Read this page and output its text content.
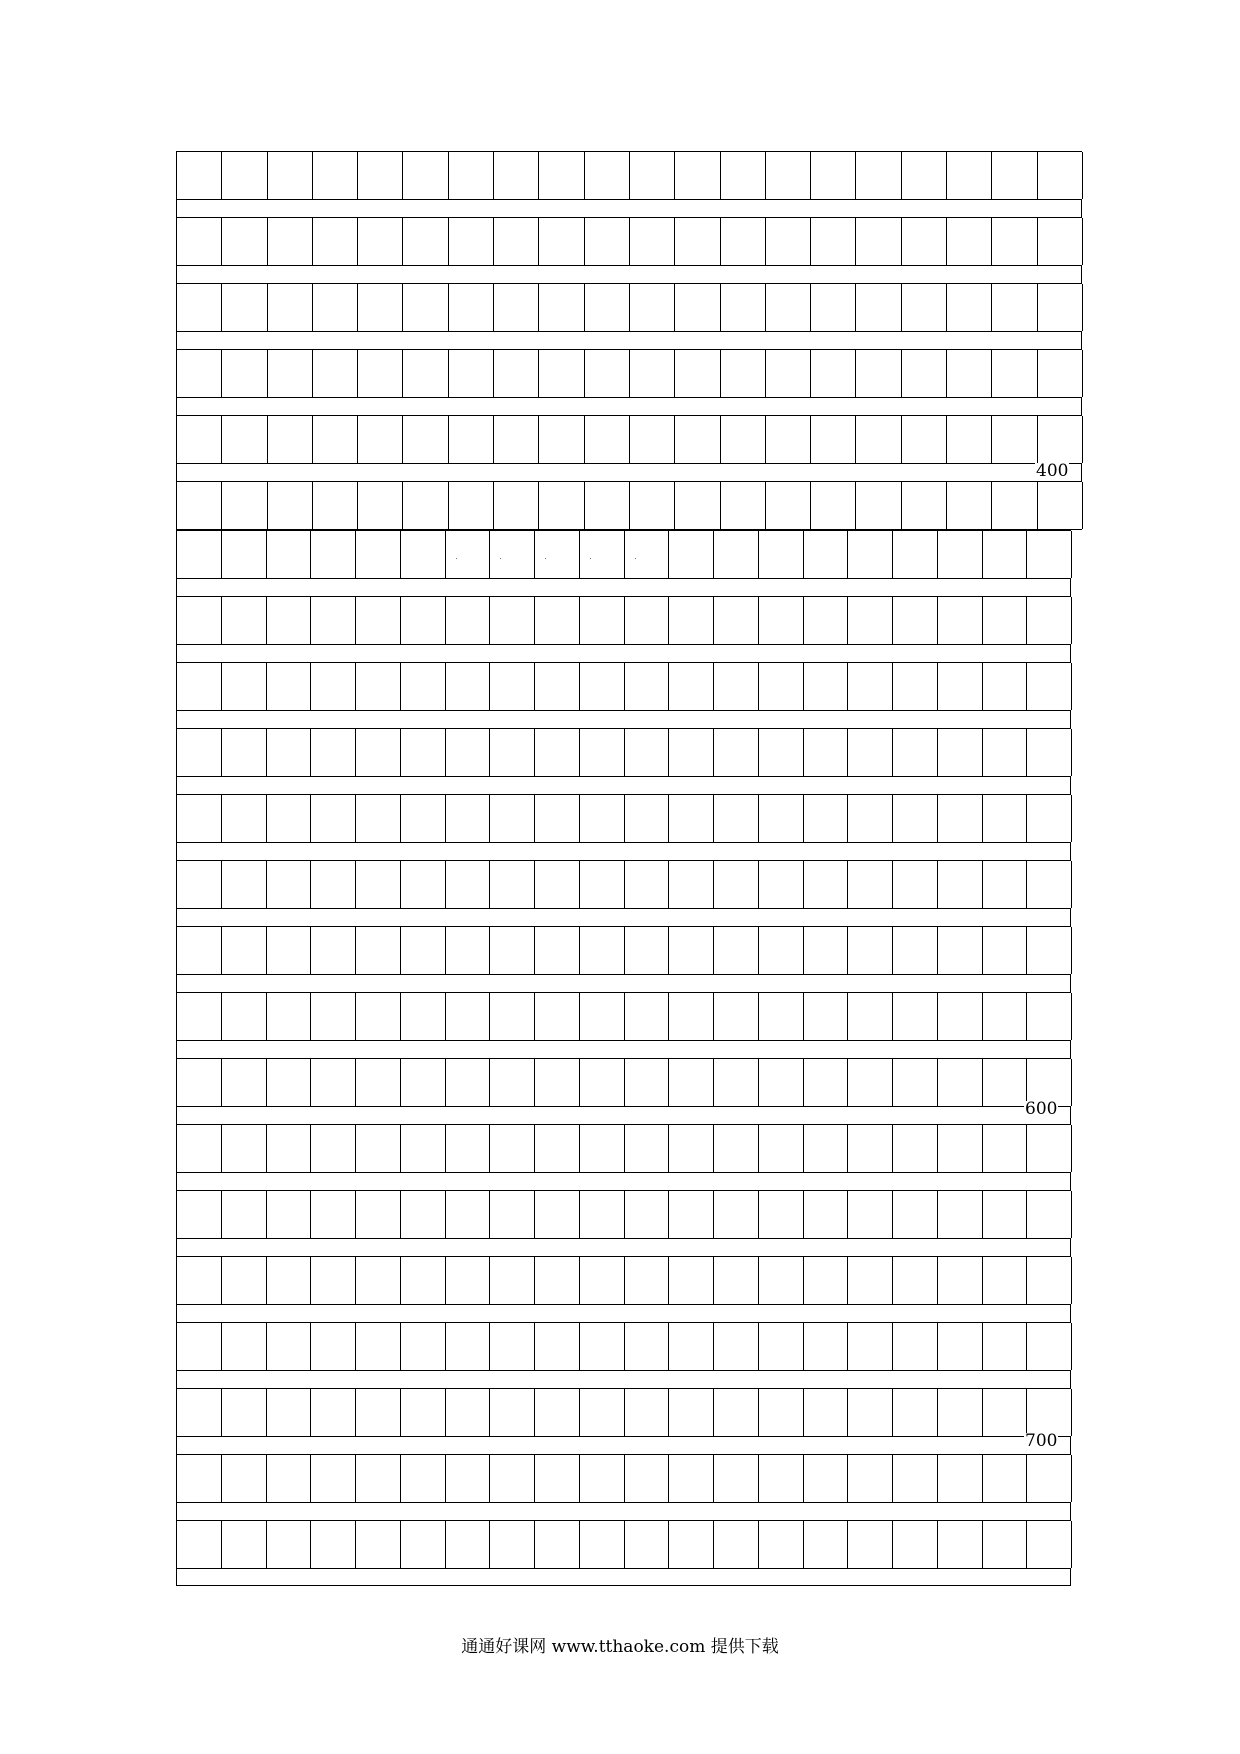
400
600
700
通通好课网 www.tthaoke.com 提供下载
